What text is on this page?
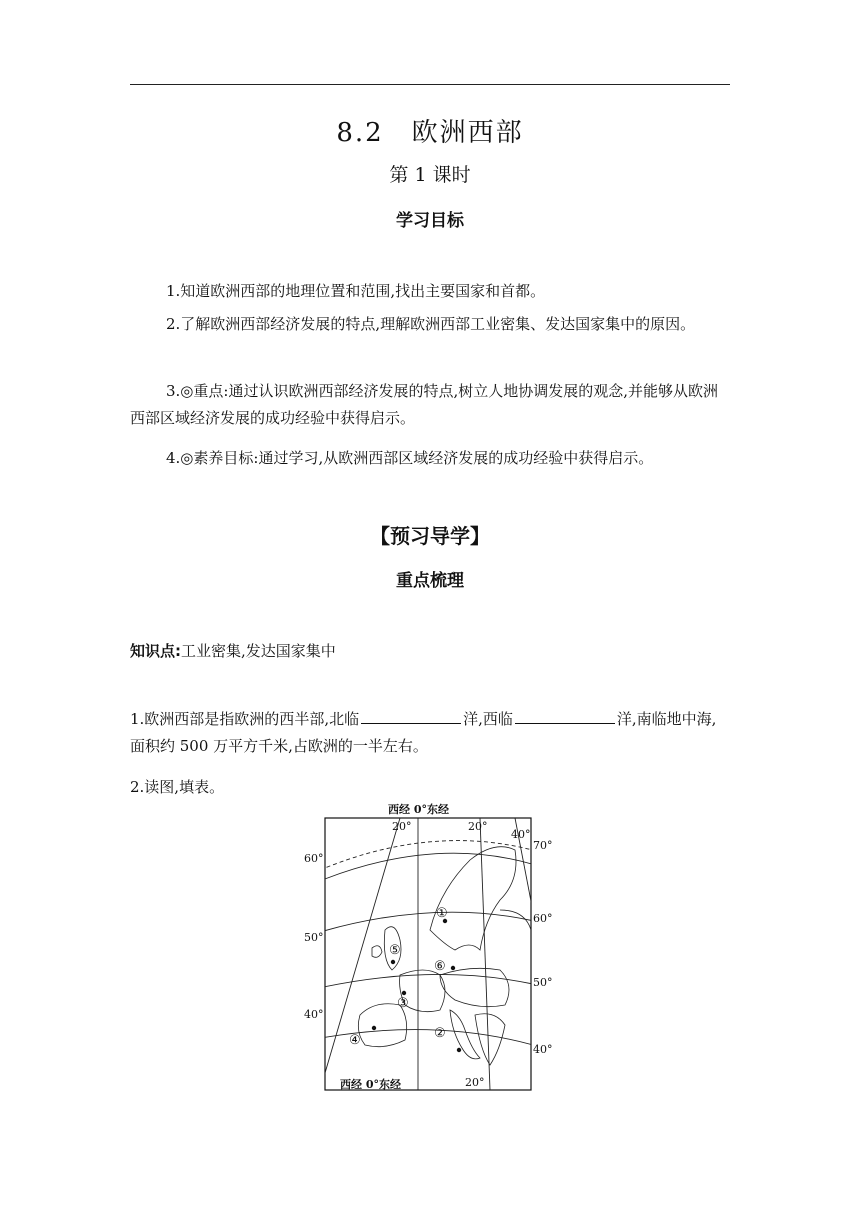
8.2　欧洲西部
第 1 课时
学习目标
1.知道欧洲西部的地理位置和范围,找出主要国家和首都。
2.了解欧洲西部经济发展的特点,理解欧洲西部工业密集、发达国家集中的原因。
3.◎重点:通过认识欧洲西部经济发展的特点,树立人地协调发展的观念,并能够从欧洲西部区域经济发展的成功经验中获得启示。
4.◎素养目标:通过学习,从欧洲西部区域经济发展的成功经验中获得启示。
【预习导学】
重点梳理
知识点:工业密集,发达国家集中
1.欧洲西部是指欧洲的西半部,北临	洋,西临	洋,南临地中海,面积约 500 万平方千米,占欧洲的一半左右。
2.读图,填表。
①
②
③
④
⑤
⑥
西经 0°东经
西经 0°东经
20°	20°
40°
20°
60°
50°
40°
70°
60°
50°
40°
